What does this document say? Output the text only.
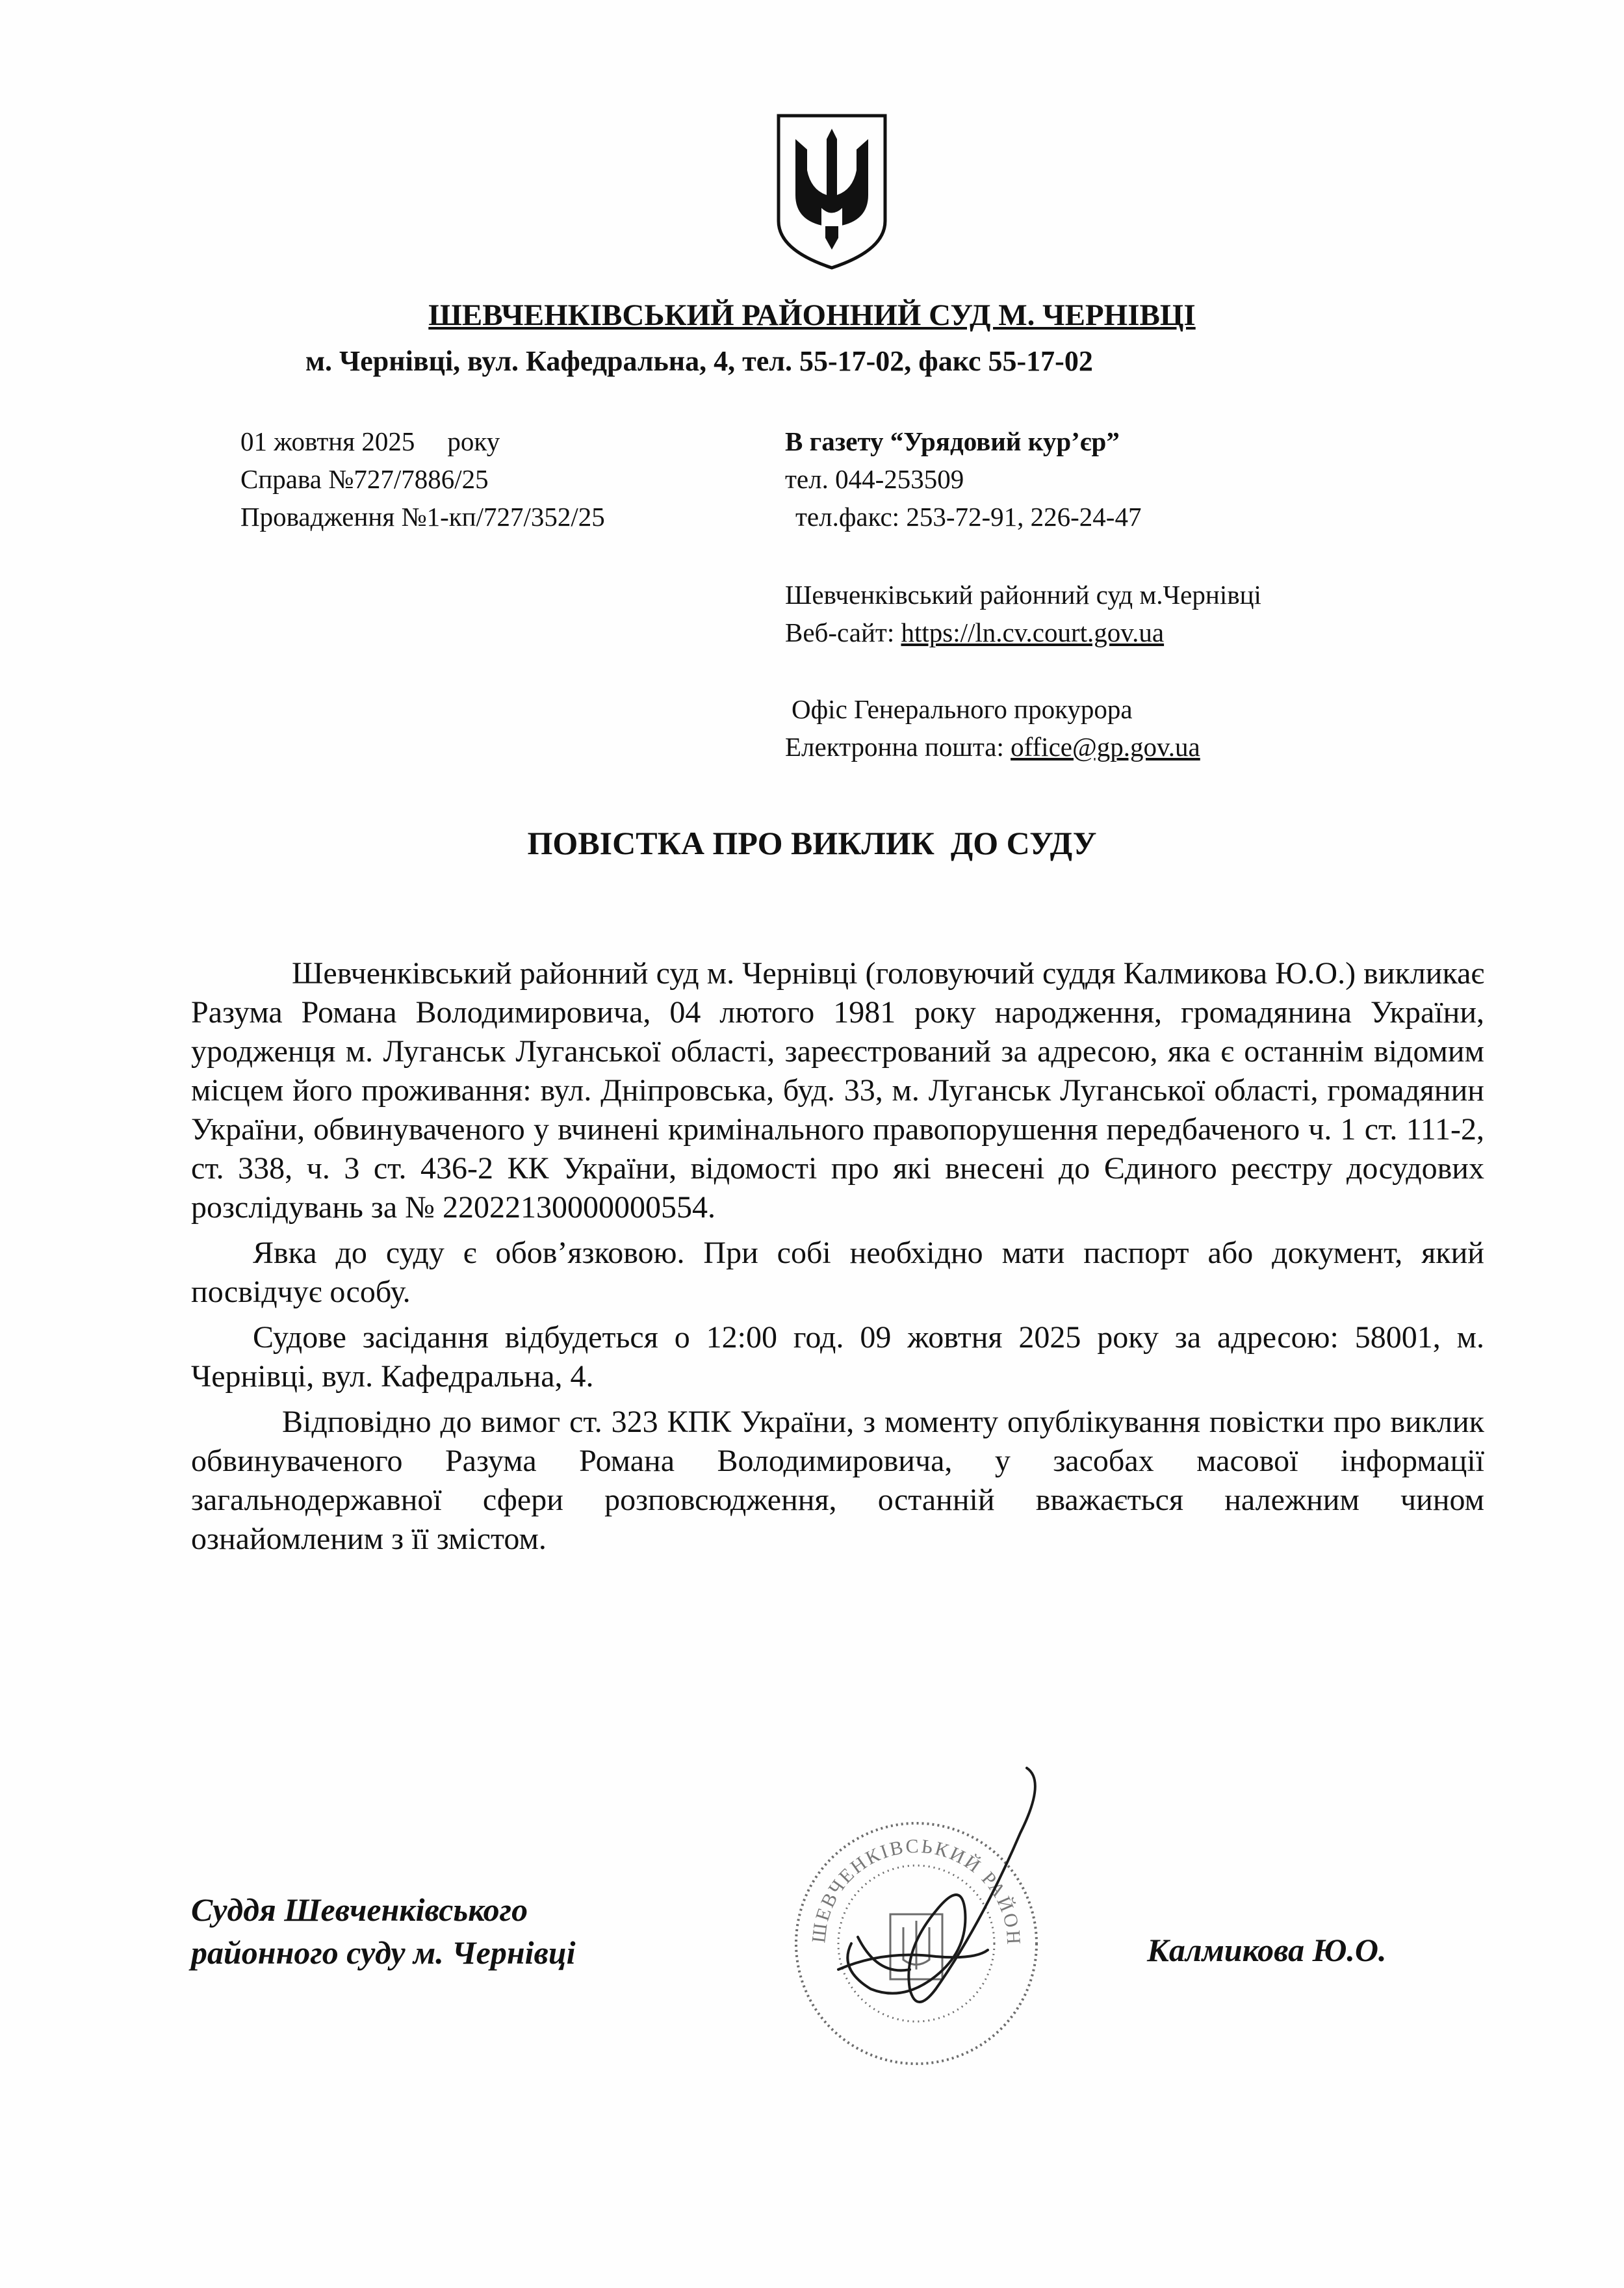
ШЕВЧЕНКІВСЬКИЙ РАЙОННИЙ СУД М. ЧЕРНІВЦІ
м. Чернівці, вул. Кафедральна, 4, тел. 55-17-02, факс 55-17-02
01 жовтня 2025 року
Справа №727/7886/25
Провадження №1-кп/727/352/25
В газету “Урядовий кур’єр”
тел. 044-253509
тел.факс: 253-72-91, 226-24-47
Шевченківський районний суд м.Чернівці
Веб-сайт: https://ln.cv.court.gov.ua
Офіс Генерального прокурора
Електронна пошта: office@gp.gov.ua
ПОВІСТКА ПРО ВИКЛИК  ДО СУДУ

Шевченківський районний суд м. Чернівці (головуючий суддя Калмикова Ю.О.) викликає Разума Романа Володимировича, 04 лютого 1981 року народження, громадянина України, уродженця м. Луганськ Луганської області, зареєстрований за адресою, яка є останнім відомим місцем його проживання: вул. Дніпровська, буд. 33, м. Луганськ Луганської області, громадянин України, обвинуваченого у вчинені кримінального правопорушення передбаченого ч. 1 ст. 111-2, ст. 338, ч. 3 ст. 436-2 КК України, відомості про які внесені до Єдиного реєстру досудових розслідувань за № 22022130000000554.

Явка до суду є обов’язковою. При собі необхідно мати паспорт або документ, який посвідчує особу.

Судове засідання відбудеться о 12:00 год. 09 жовтня 2025 року за адресою: 58001, м. Чернівці, вул. Кафедральна, 4.

Відповідно до вимог ст. 323 КПК України, з моменту опублікування повістки про виклик обвинуваченого Разума Романа Володимировича, у засобах масової інформації загальнодержавної сфери розповсюдження, останній вважається належним чином ознайомленим з її змістом.

Суддя Шевченківського
районного суду м. Чернівці
ШЕВЧЕНКІВСЬКИЙ РАЙОН	Калмикова Ю.О.
